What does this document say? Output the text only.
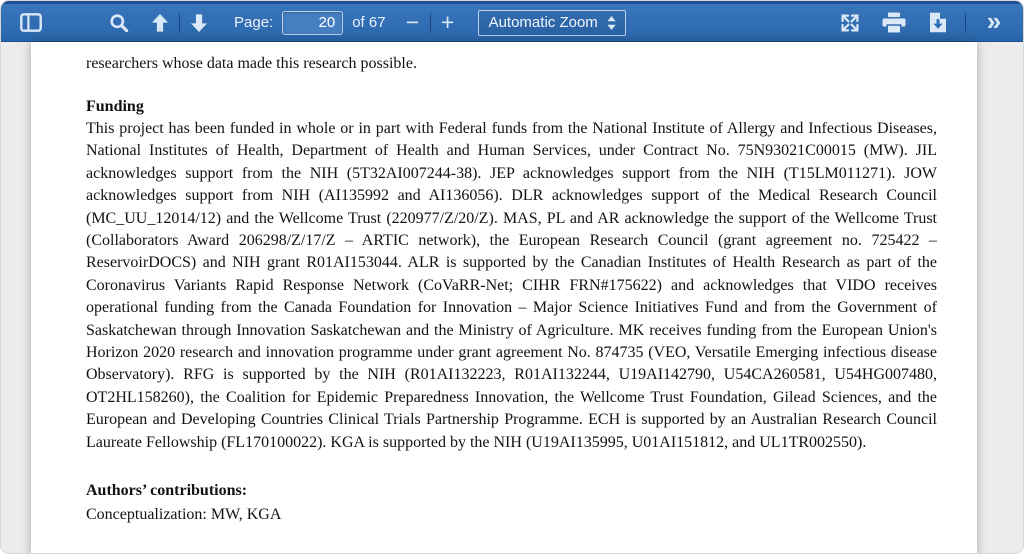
Page:
20	of 67 − + Automatic Zoom	»

researchers whose data made this research possible.

Funding

This project has been funded in whole or in part with Federal funds from the National Institute of Allergy and Infectious Diseases, National Institutes of Health, Department of Health and Human Services, under Contract No. 75N93021C00015 (MW). JIL acknowledges support from the NIH (5T32AI007244-38). JEP acknowledges support from the NIH (T15LM011271). JOW acknowledges support from NIH (AI135992 and AI136056). DLR acknowledges support of the Medical Research Council (MC_UU_12014/12) and the Wellcome Trust (220977/Z/20/Z). MAS, PL and AR acknowledge the support of the Wellcome Trust (Collaborators Award 206298/Z/17/Z – ARTIC network), the European Research Council (grant agreement no. 725422 – ReservoirDOCS) and NIH grant R01AI153044. ALR is supported by the Canadian Institutes of Health Research as part of the Coronavirus Variants Rapid Response Network (CoVaRR-Net; CIHR FRN#175622) and acknowledges that VIDO receives operational funding from the Canada Foundation for Innovation – Major Science Initiatives Fund and from the Government of Saskatchewan through Innovation Saskatchewan and the Ministry of Agriculture. MK receives funding from the European Union's Horizon 2020 research and innovation programme under grant agreement No. 874735 (VEO, Versatile Emerging infectious disease Observatory). RFG is supported by the NIH (R01AI132223, R01AI132244, U19AI142790, U54CA260581, U54HG007480, OT2HL158260), the Coalition for Epidemic Preparedness Innovation, the Wellcome Trust Foundation, Gilead Sciences, and the European and Developing Countries Clinical Trials Partnership Programme. ECH is supported by an Australian Research Council Laureate Fellowship (FL170100022). KGA is supported by the NIH (U19AI135995, U01AI151812, and UL1TR002550).

Authors’ contributions:

Conceptualization: MW, KGA
